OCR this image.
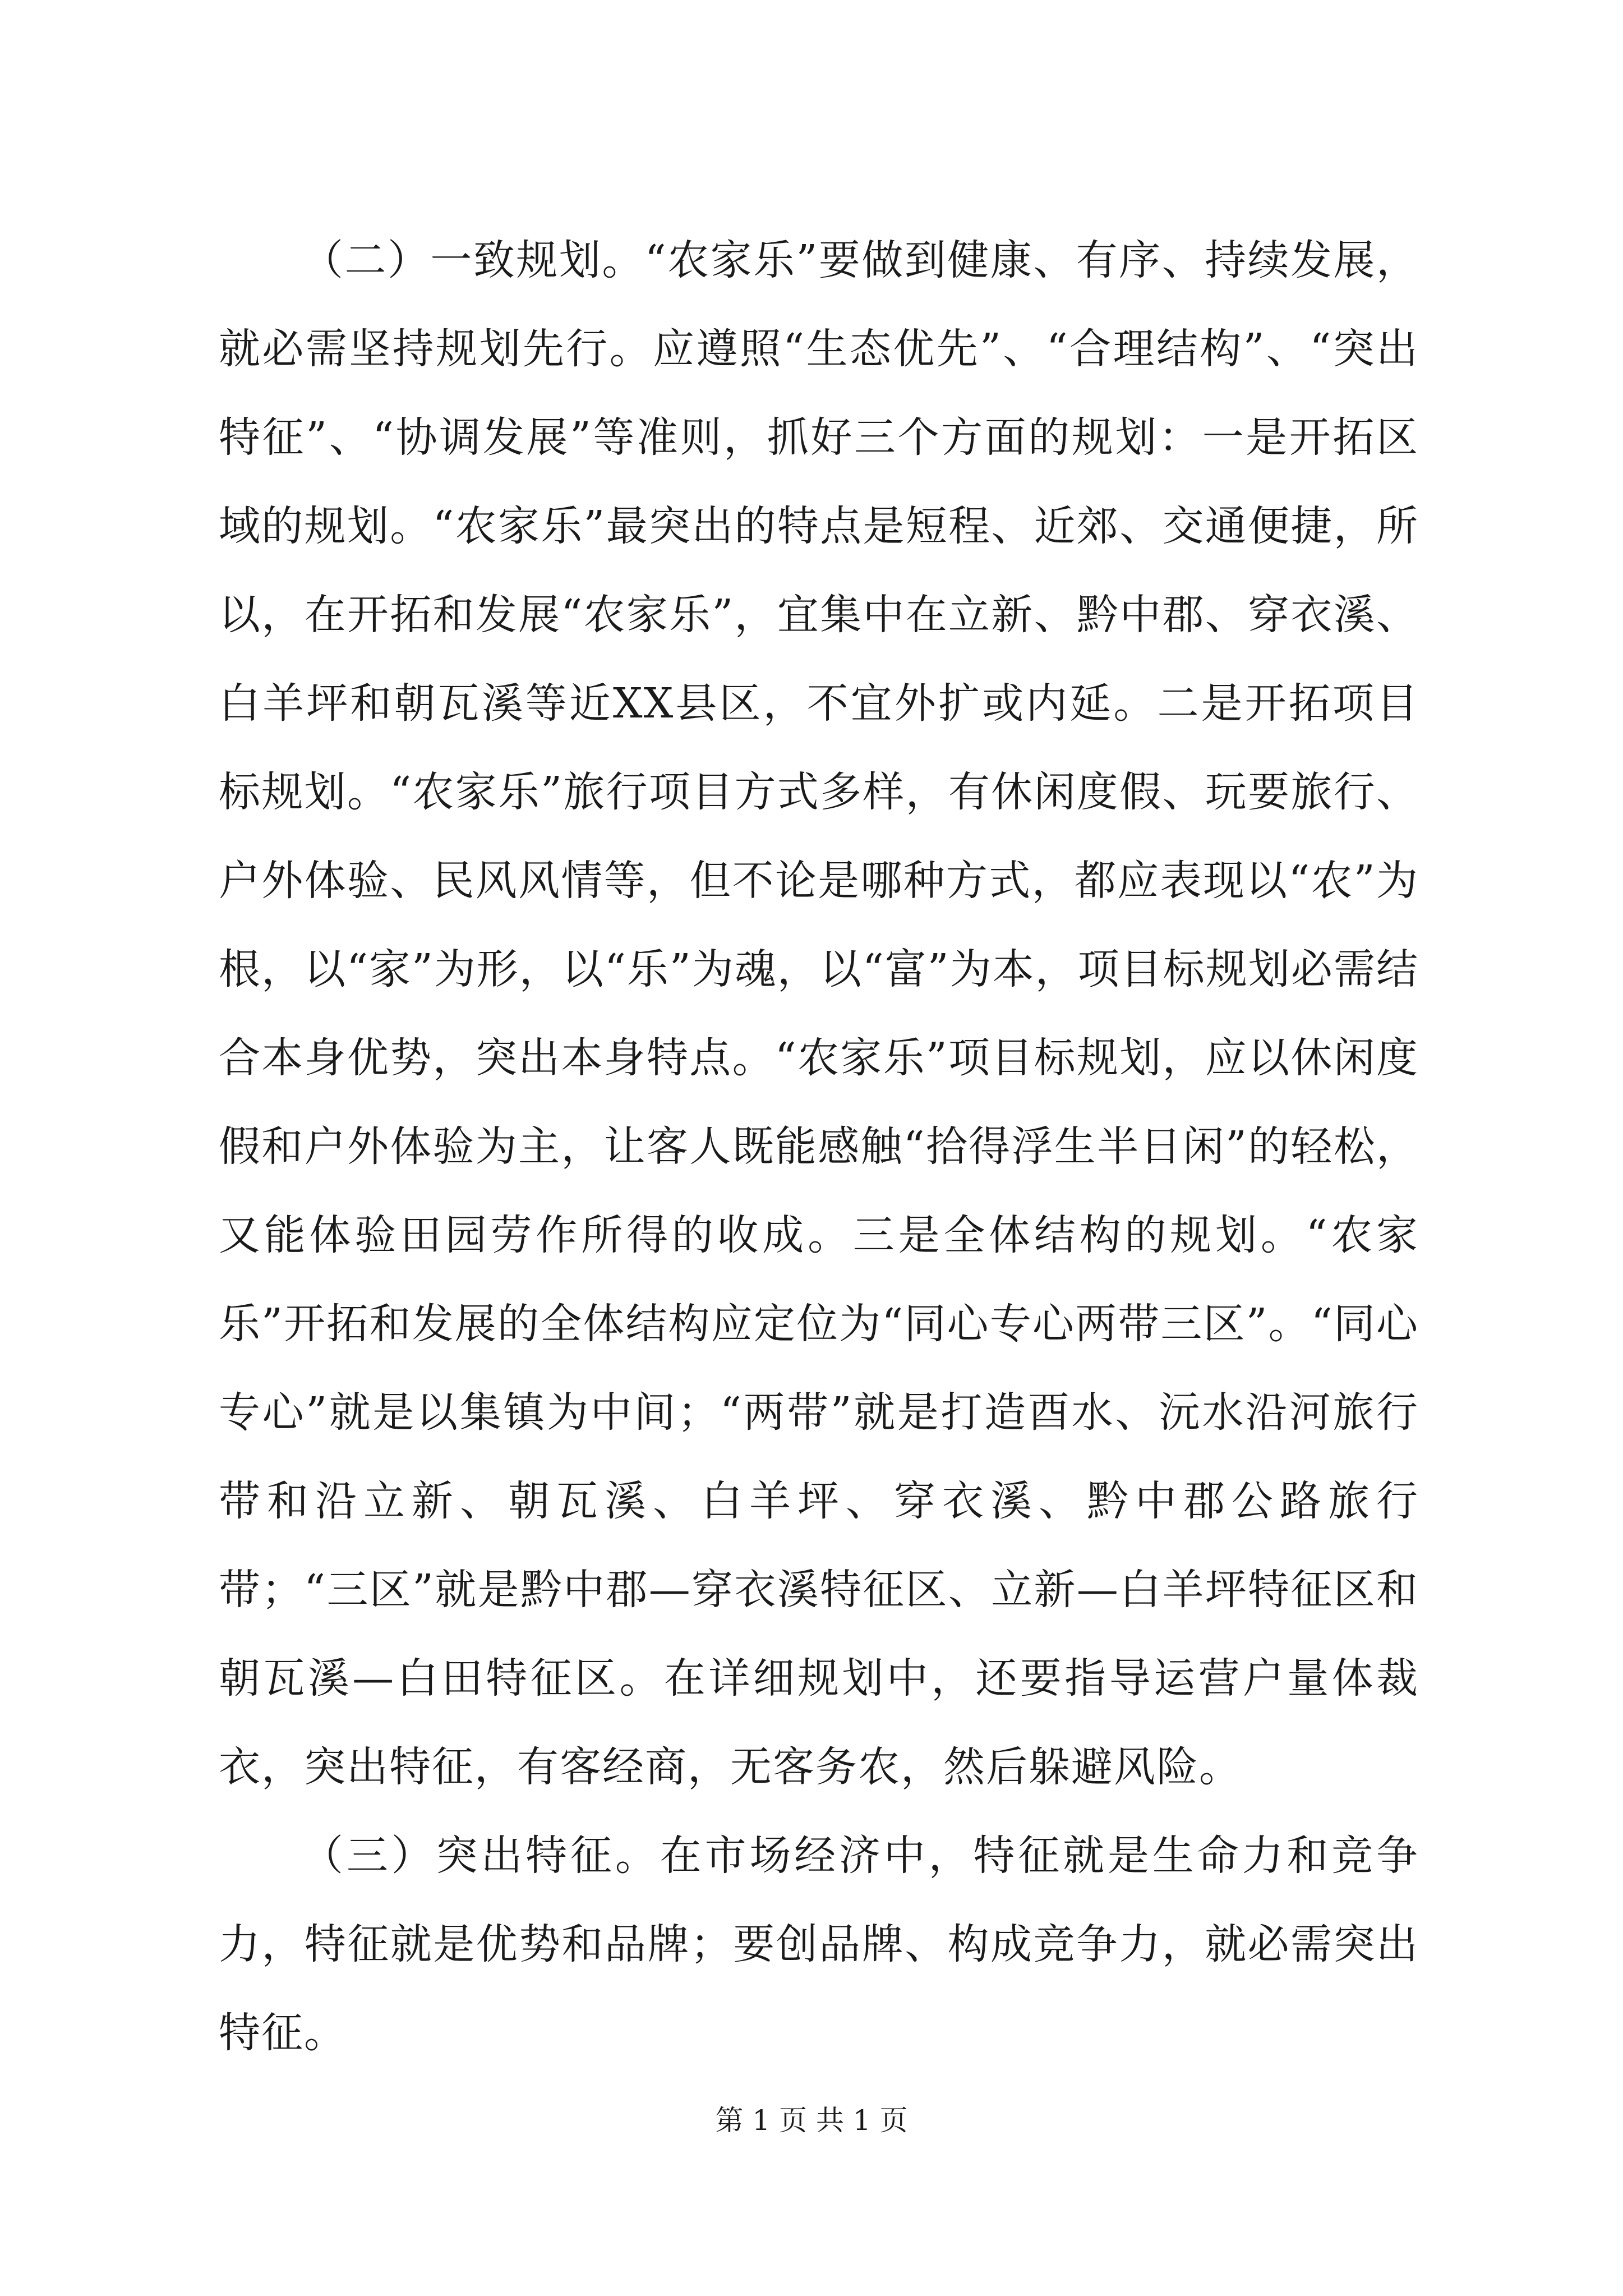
（二）一致规划。“农家乐”要做到健康、有序、持续发展，就必需坚持规划先行。应遵照“生态优先”、“合理结构”、“突出特征”、“协调发展”等准则，抓好三个方面的规划：一是开拓区域的规划。“农家乐”最突出的特点是短程、近郊、交通便捷，所以，在开拓和发展“农家乐”，宜集中在立新、黔中郡、穿衣溪、白羊坪和朝瓦溪等近XX县区，不宜外扩或内延。二是开拓项目标规划。“农家乐”旅行项目方式多样，有休闲度假、玩要旅行、户外体验、民风风情等，但不论是哪种方式，都应表现以“农”为根，以“家”为形，以“乐”为魂，以“富”为本，项目标规划必需结合本身优势，突出本身特点。“农家乐”项目标规划，应以休闲度假和户外体验为主，让客人既能感触“拾得浮生半日闲”的轻松，又能体验田园劳作所得的收成。三是全体结构的规划。“农家乐”开拓和发展的全体结构应定位为“同心专心两带三区”。“同心专心”就是以集镇为中间；“两带”就是打造酉水、沅水沿河旅行带和沿立新、朝瓦溪、白羊坪、穿衣溪、黔中郡公路旅行带；“三区”就是黔中郡—穿衣溪特征区、立新—白羊坪特征区和朝瓦溪—白田特征区。在详细规划中，还要指导运营户量体裁衣，突出特征，有客经商，无客务农，然后躲避风险。

（三）突出特征。在市场经济中，特征就是生命力和竞争力，特征就是优势和品牌；要创品牌、构成竞争力，就必需突出特征。

第 1 页 共 1 页
